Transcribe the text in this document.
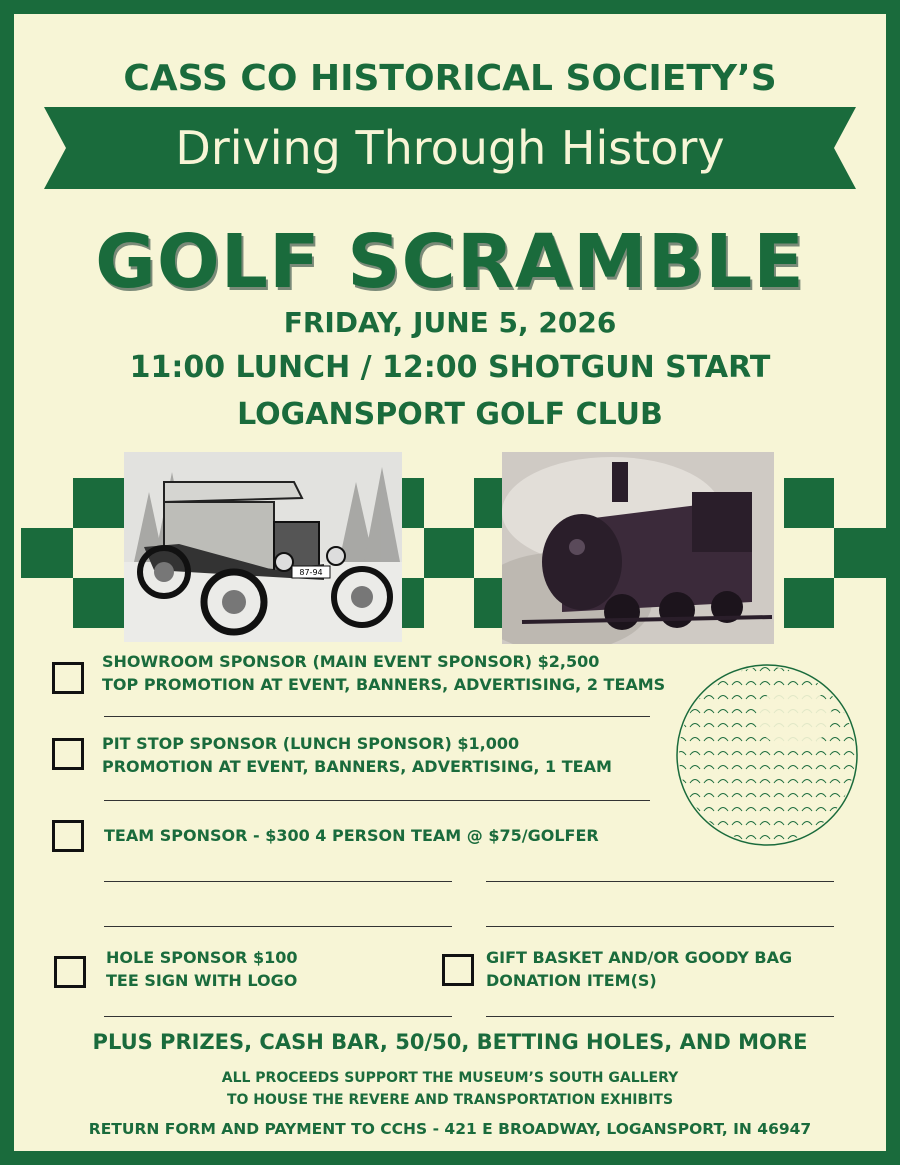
CASS CO HISTORICAL SOCIETY’S
Driving Through History
GOLF SCRAMBLE
FRIDAY, JUNE 5, 2026
11:00 LUNCH / 12:00 SHOTGUN START
LOGANSPORT GOLF CLUB
87-94
SHOWROOM SPONSOR (MAIN EVENT SPONSOR) $2,500
TOP PROMOTION AT EVENT, BANNERS, ADVERTISING, 2 TEAMS
PIT STOP SPONSOR (LUNCH SPONSOR) $1,000
PROMOTION AT EVENT, BANNERS, ADVERTISING, 1 TEAM
TEAM SPONSOR - $300 4 PERSON TEAM @ $75/GOLFER
HOLE SPONSOR $100
TEE SIGN WITH LOGO
GIFT BASKET AND/OR GOODY BAG
DONATION ITEM(S)
PLUS PRIZES, CASH BAR, 50/50, BETTING HOLES, AND MORE
ALL PROCEEDS SUPPORT THE MUSEUM’S SOUTH GALLERY
TO HOUSE THE REVERE AND TRANSPORTATION EXHIBITS
RETURN FORM AND PAYMENT TO CCHS - 421 E BROADWAY, LOGANSPORT, IN 46947
